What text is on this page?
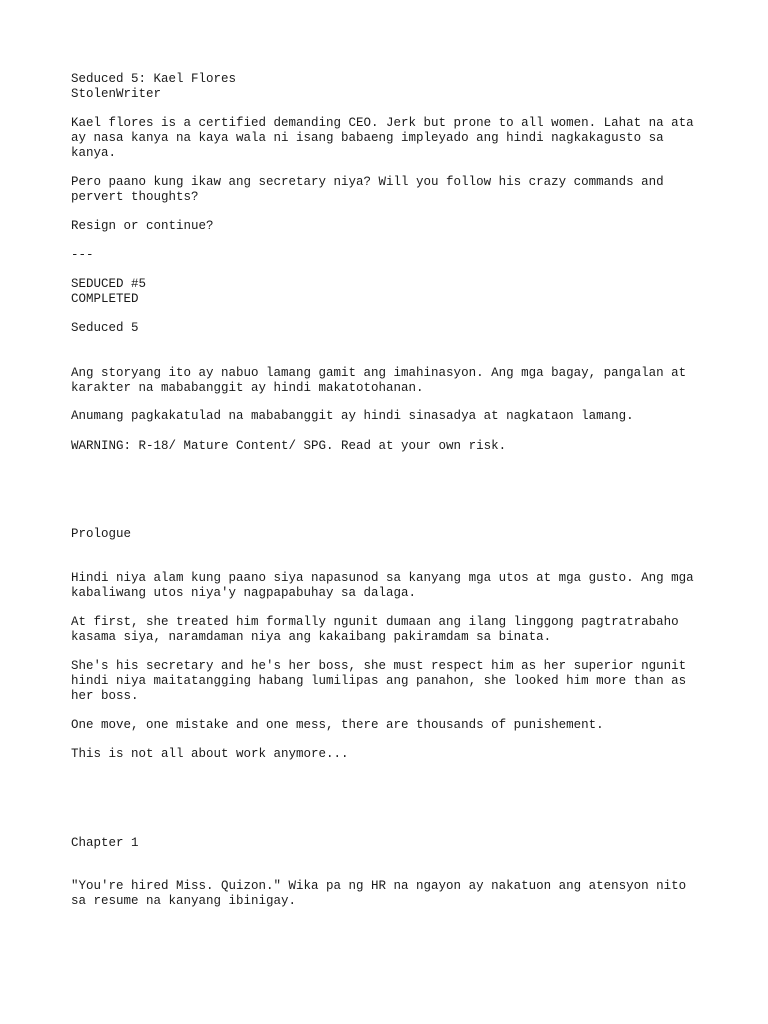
Seduced 5: Kael Flores
StolenWriter
Kael flores is a certified demanding CEO. Jerk but prone to all women. Lahat na ata
ay nasa kanya na kaya wala ni isang babaeng impleyado ang hindi nagkakagusto sa
kanya.
Pero paano kung ikaw ang secretary niya? Will you follow his crazy commands and
pervert thoughts?
Resign or continue?
---
SEDUCED #5
COMPLETED
Seduced 5
Ang storyang ito ay nabuo lamang gamit ang imahinasyon. Ang mga bagay, pangalan at
karakter na mababanggit ay hindi makatotohanan.
Anumang pagkakatulad na mababanggit ay hindi sinasadya at nagkataon lamang.
WARNING: R-18/ Mature Content/ SPG. Read at your own risk.
Prologue
Hindi niya alam kung paano siya napasunod sa kanyang mga utos at mga gusto. Ang mga
kabaliwang utos niya'y nagpapabuhay sa dalaga.
At first, she treated him formally ngunit dumaan ang ilang linggong pagtratrabaho
kasama siya, naramdaman niya ang kakaibang pakiramdam sa binata.
She's his secretary and he's her boss, she must respect him as her superior ngunit
hindi niya maitatangging habang lumilipas ang panahon, she looked him more than as
her boss.
One move, one mistake and one mess, there are thousands of punishement.
This is not all about work anymore...
Chapter 1
"You're hired Miss. Quizon." Wika pa ng HR na ngayon ay nakatuon ang atensyon nito
sa resume na kanyang ibinigay.
